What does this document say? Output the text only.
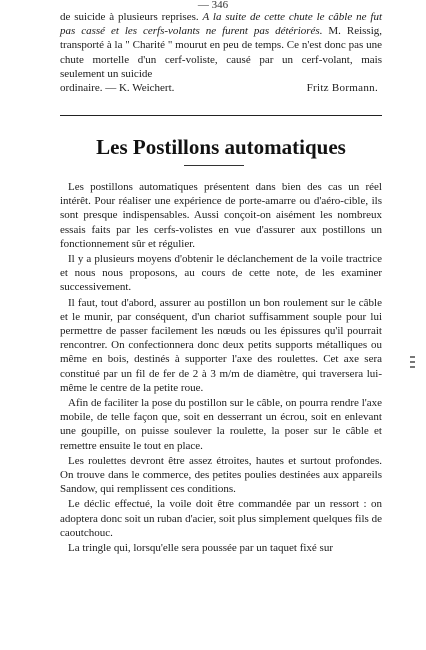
— 346

de suicide à plusieurs reprises. A la suite de cette chute le câble ne fut pas cassé et les cerfs-volants ne furent pas détériorés. M. Reissig, transporté à la " Charité " mourut en peu de temps. Ce n'est donc pas une chute mortelle d'un cerf-voliste, causé par un cerf-volant, mais seulement un suicide

ordinaire. — K. Weichert.	Fritz Bormann.
Les Postillons automatiques

Les postillons automatiques présentent dans bien des cas un réel intérêt. Pour réaliser une expérience de porte-amarre ou d'aéro-cible, ils sont presque indispensables. Aussi conçoit-on aisément les nombreux essais faits par les cerfs-volistes en vue d'assurer aux postillons un fonctionnement sûr et régulier.

Il y a plusieurs moyens d'obtenir le déclanchement de la voile tractrice et nous nous proposons, au cours de cette note, de les examiner successivement.

Il faut, tout d'abord, assurer au postillon un bon roulement sur le câble et le munir, par conséquent, d'un chariot suffisamment souple pour lui permettre de passer facilement les nœuds ou les épissures qu'il pourrait rencontrer. On confectionnera donc deux petits supports métalliques ou même en bois, destinés à supporter l'axe des roulettes. Cet axe sera constitué par un fil de fer de 2 à 3 m/m de diamètre, qui traversera lui-même le centre de la petite roue.

Afin de faciliter la pose du postillon sur le câble, on pourra rendre l'axe mobile, de telle façon que, soit en desserrant un écrou, soit en enlevant une goupille, on puisse soulever la roulette, la poser sur le câble et remettre ensuite le tout en place.

Les roulettes devront être assez étroites, hautes et surtout profondes. On trouve dans le commerce, des petites poulies destinées aux appareils Sandow, qui remplissent ces conditions.

Le déclic effectué, la voile doit être commandée par un ressort : on adoptera donc soit un ruban d'acier, soit plus simplement quelques fils de caoutchouc.

La tringle qui, lorsqu'elle sera poussée par un taquet fixé sur
